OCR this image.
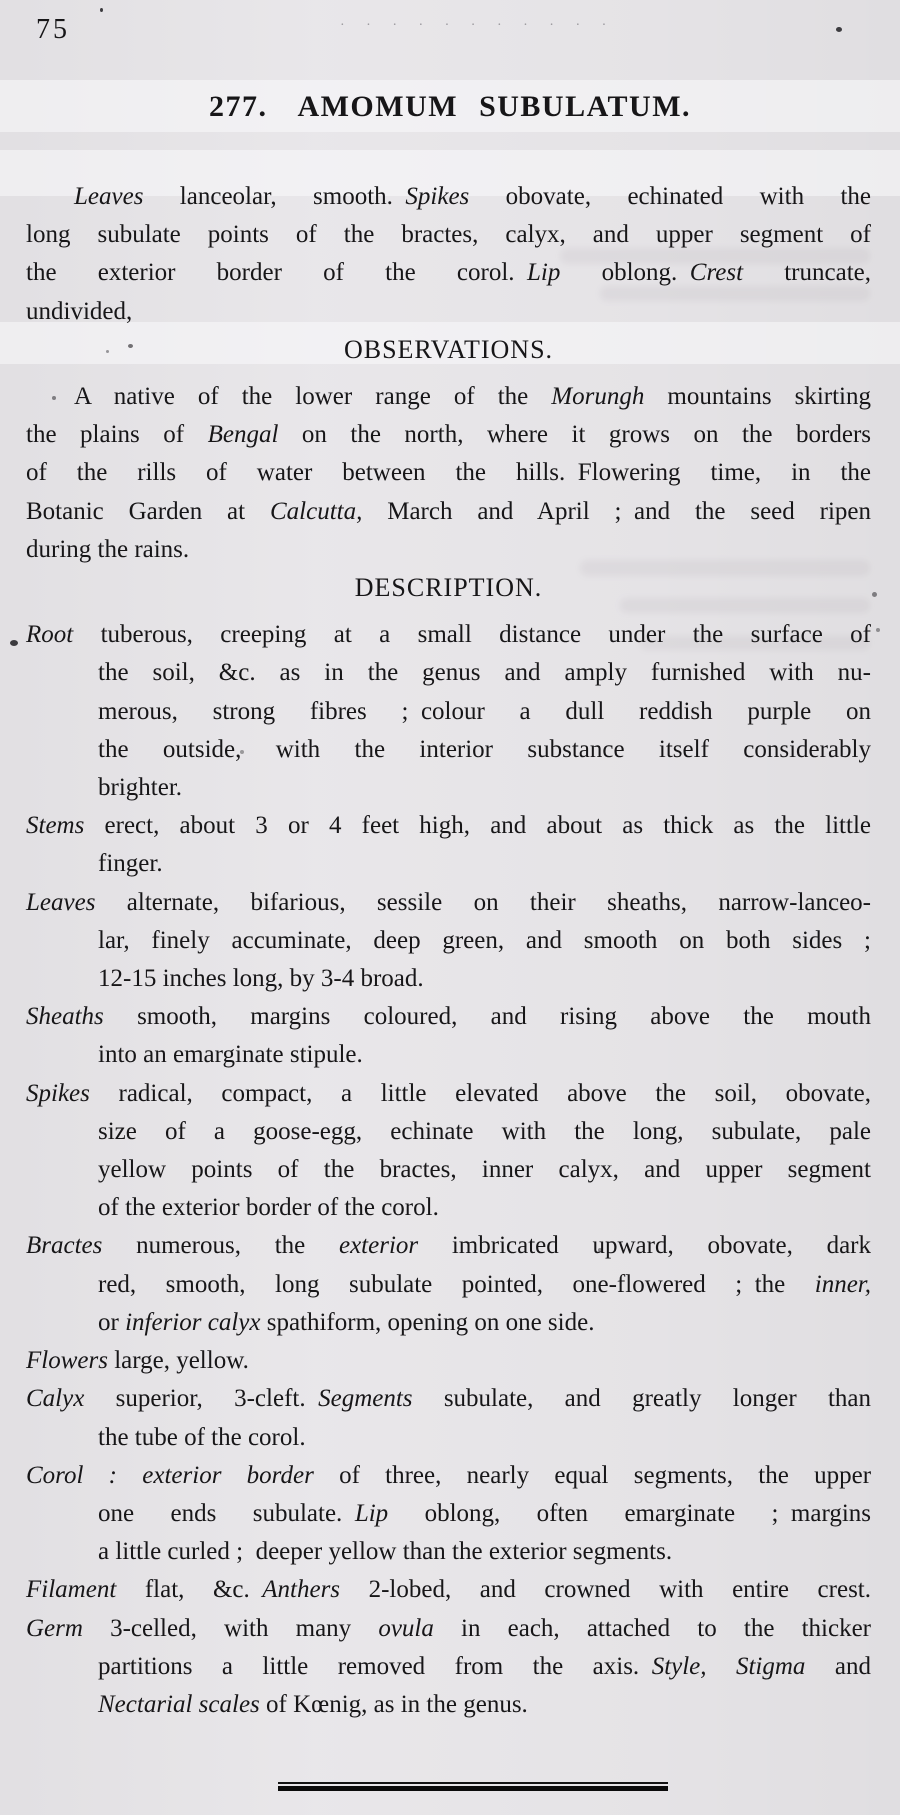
· · · · · · · · · · ·
75
277. AMOMUM SUBULATUM.
Leaves lanceolar, smooth. Spikes obovate, echinated with the
long subulate points of the bractes, calyx, and upper segment of
the exterior border of the corol. Lip oblong. Crest truncate,
undivided,
OBSERVATIONS.
A native of the lower range of the Morungh mountains skirting
the plains of Bengal on the north, where it grows on the borders
of the rills of water between the hills. Flowering time, in the
Botanic Garden at Calcutta, March and April ; and the seed ripen
during the rains.
DESCRIPTION.
Root tuberous, creeping at a small distance under the surface of
the soil, &c. as in the genus and amply furnished with nu-
merous, strong fibres ; colour a dull reddish purple on
the outside, with the interior substance itself considerably
brighter.
Stems erect, about 3 or 4 feet high, and about as thick as the little
finger.
Leaves alternate, bifarious, sessile on their sheaths, narrow-lanceo-
lar, finely accuminate, deep green, and smooth on both sides ;
12-15 inches long, by 3-4 broad.
Sheaths smooth, margins coloured, and rising above the mouth
into an emarginate stipule.
Spikes radical, compact, a little elevated above the soil, obovate,
size of a goose-egg, echinate with the long, subulate, pale
yellow points of the bractes, inner calyx, and upper segment
of the exterior border of the corol.
Bractes numerous, the exterior imbricated upward, obovate, dark
red, smooth, long subulate pointed, one-flowered ; the inner,
or inferior calyx spathiform, opening on one side.
Flowers large, yellow.
Calyx superior, 3-cleft. Segments subulate, and greatly longer than
the tube of the corol.
Corol : exterior border of three, nearly equal segments, the upper
one ends subulate. Lip oblong, often emarginate ; margins
a little curled ; deeper yellow than the exterior segments.
Filament flat, &c. Anthers 2-lobed, and crowned with entire crest.
Germ 3-celled, with many ovula in each, attached to the thicker
partitions a little removed from the axis. Style, Stigma and
Nectarial scales of Kœnig, as in the genus.
